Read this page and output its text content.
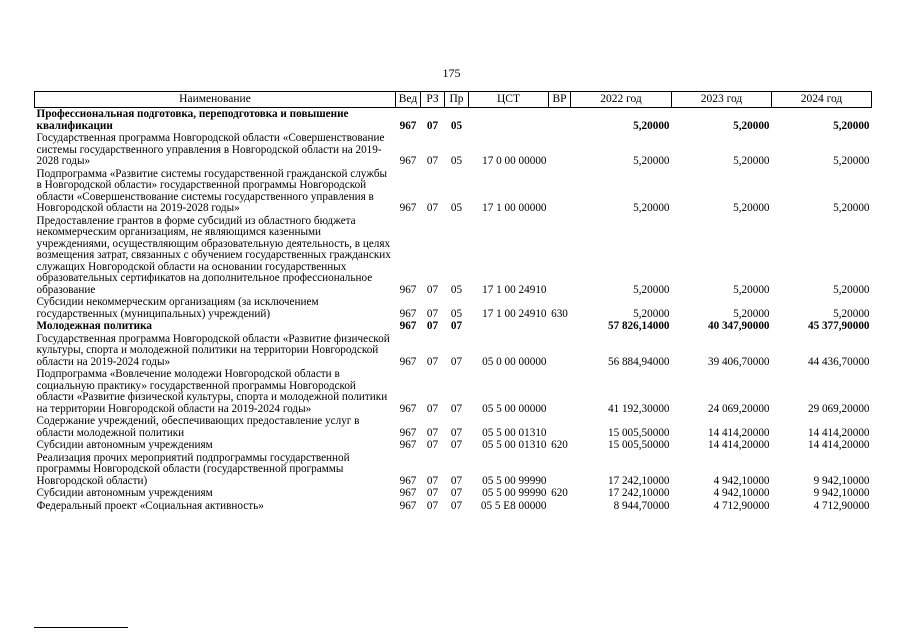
175
Наименование	Вед	РЗ	Пр	ЦСТ	ВР	2022 год	2023 год	2024 год
Профессиональная подготовка, переподготовка и повышение квалификации	967	07	05			5,20000	5,20000	5,20000
Государственная программа Новгородской области «Совершенствование системы государственного управления в Новгородской области на 2019-2028 годы»	967	07	05	17 0 00 00000		5,20000	5,20000	5,20000
Подпрограмма «Развитие системы государственной гражданской службы в Новгородской области» государственной программы Новгородской области «Совершенствование системы государственного управления в Новгородской области на 2019-2028 годы»	967	07	05	17 1 00 00000		5,20000	5,20000	5,20000
Предоставление грантов в форме субсидий из областного бюджета некоммерческим организациям, не являющимся казенными учреждениями, осуществляющим образовательную деятельность, в целях возмещения затрат, связанных с обучением государственных гражданских служащих Новгородской области на основании государственных образовательных сертификатов на дополнительное профессиональное образование	967	07	05	17 1 00 24910		5,20000	5,20000	5,20000
Субсидии некоммерческим организациям (за исключением государственных (муниципальных) учреждений)	967	07	05	17 1 00 24910	630	5,20000	5,20000	5,20000
Молодежная политика	967	07	07			57 826,14000	40 347,90000	45 377,90000
Государственная программа Новгородской области «Развитие физической культуры, спорта и молодежной политики на территории Новгородской области на 2019-2024 годы»	967	07	07	05 0 00 00000		56 884,94000	39 406,70000	44 436,70000
Подпрограмма «Вовлечение молодежи Новгородской области в социальную практику» государственной программы Новгородской области «Развитие физической культуры, спорта и молодежной политики на территории Новгородской области на 2019-2024 годы»	967	07	07	05 5 00 00000		41 192,30000	24 069,20000	29 069,20000
Содержание учреждений, обеспечивающих предоставление услуг в области молодежной политики	967	07	07	05 5 00 01310		15 005,50000	14 414,20000	14 414,20000
Субсидии автономным учреждениям	967	07	07	05 5 00 01310	620	15 005,50000	14 414,20000	14 414,20000
Реализация прочих мероприятий подпрограммы государственной программы Новгородской области (государственной программы Новгородской области)	967	07	07	05 5 00 99990		17 242,10000	4 942,10000	9 942,10000
Субсидии автономным учреждениям	967	07	07	05 5 00 99990	620	17 242,10000	4 942,10000	9 942,10000
Федеральный проект «Социальная активность»	967	07	07	05 5 E8 00000		8 944,70000	4 712,90000	4 712,90000
